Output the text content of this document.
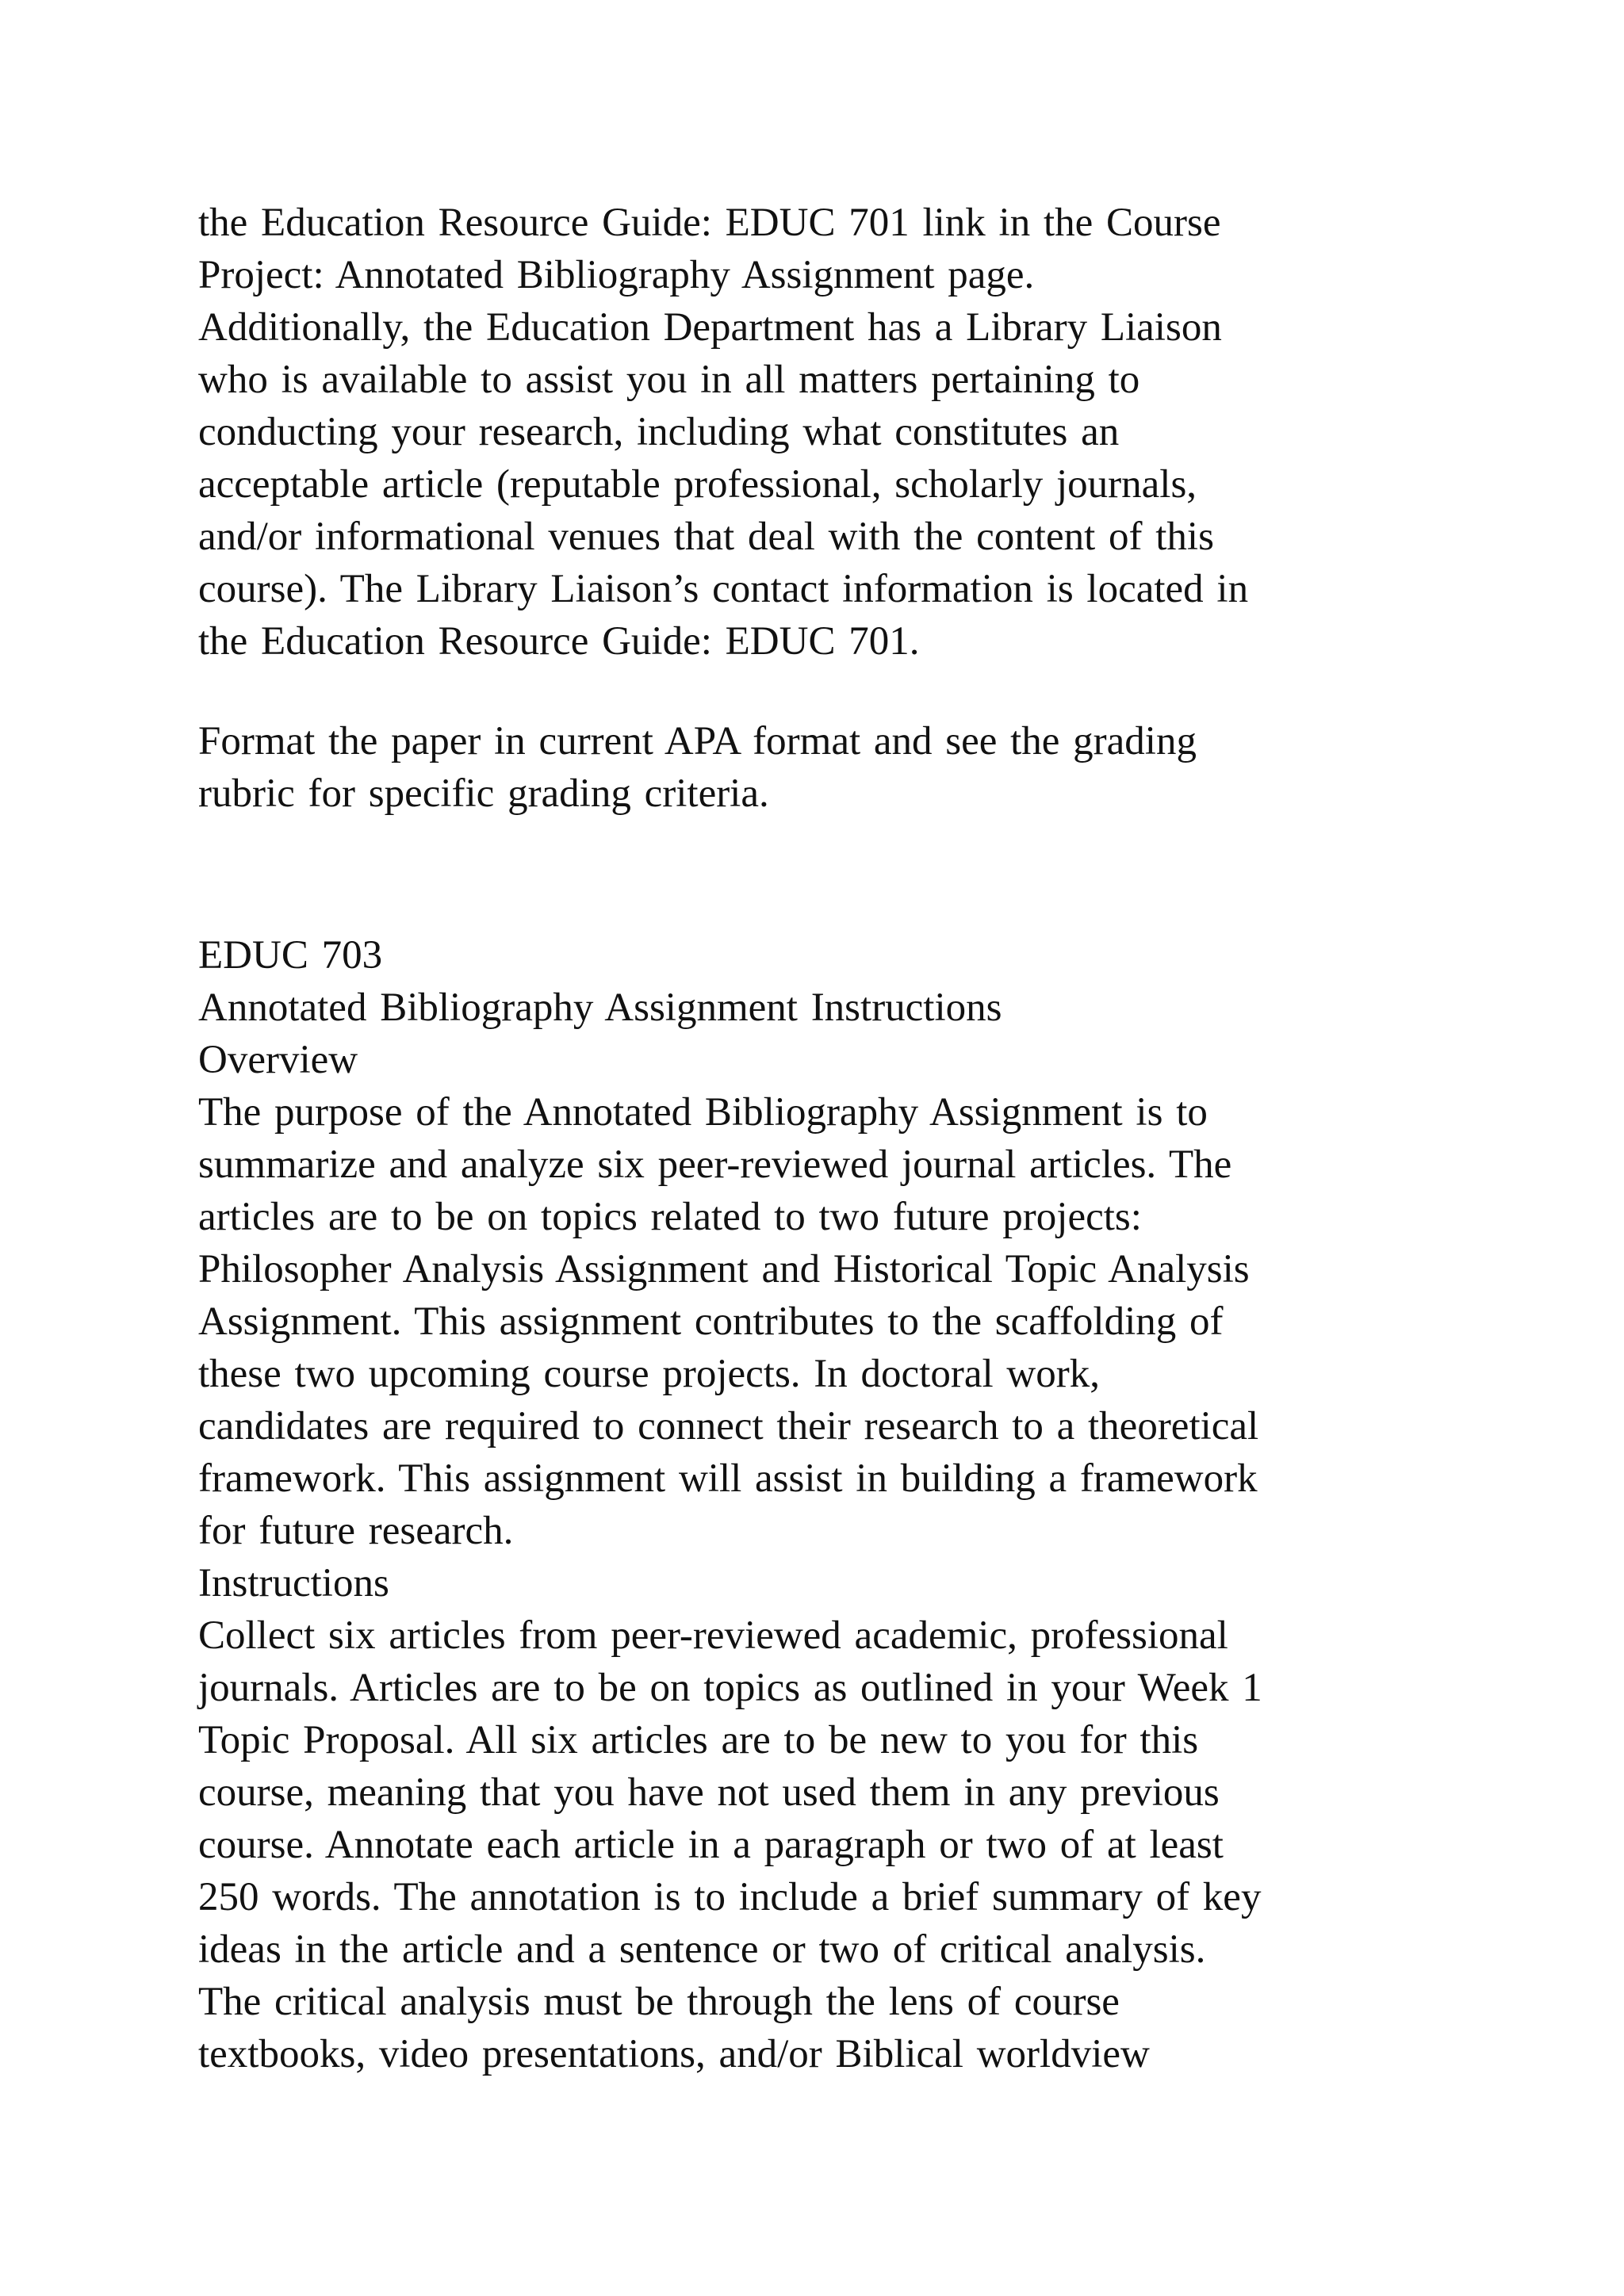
the Education Resource Guide: EDUC 701 link in the Course
Project: Annotated Bibliography Assignment page.
Additionally, the Education Department has a Library Liaison
who is available to assist you in all matters pertaining to
conducting your research, including what constitutes an
acceptable article (reputable professional, scholarly journals,
and/or informational venues that deal with the content of this
course). The Library Liaison’s contact information is located in
the Education Resource Guide: EDUC 701.
Format the paper in current APA format and see the grading
rubric for specific grading criteria.
EDUC 703
Annotated Bibliography Assignment Instructions
Overview
The purpose of the Annotated Bibliography Assignment is to
summarize and analyze six peer-reviewed journal articles. The
articles are to be on topics related to two future projects:
Philosopher Analysis Assignment and Historical Topic Analysis
Assignment. This assignment contributes to the scaffolding of
these two upcoming course projects. In doctoral work,
candidates are required to connect their research to a theoretical
framework. This assignment will assist in building a framework
for future research.
Instructions
Collect six articles from peer-reviewed academic, professional
journals. Articles are to be on topics as outlined in your Week 1
Topic Proposal. All six articles are to be new to you for this
course, meaning that you have not used them in any previous
course. Annotate each article in a paragraph or two of at least
250 words. The annotation is to include a brief summary of key
ideas in the article and a sentence or two of critical analysis.
The critical analysis must be through the lens of course
textbooks, video presentations, and/or Biblical worldview
